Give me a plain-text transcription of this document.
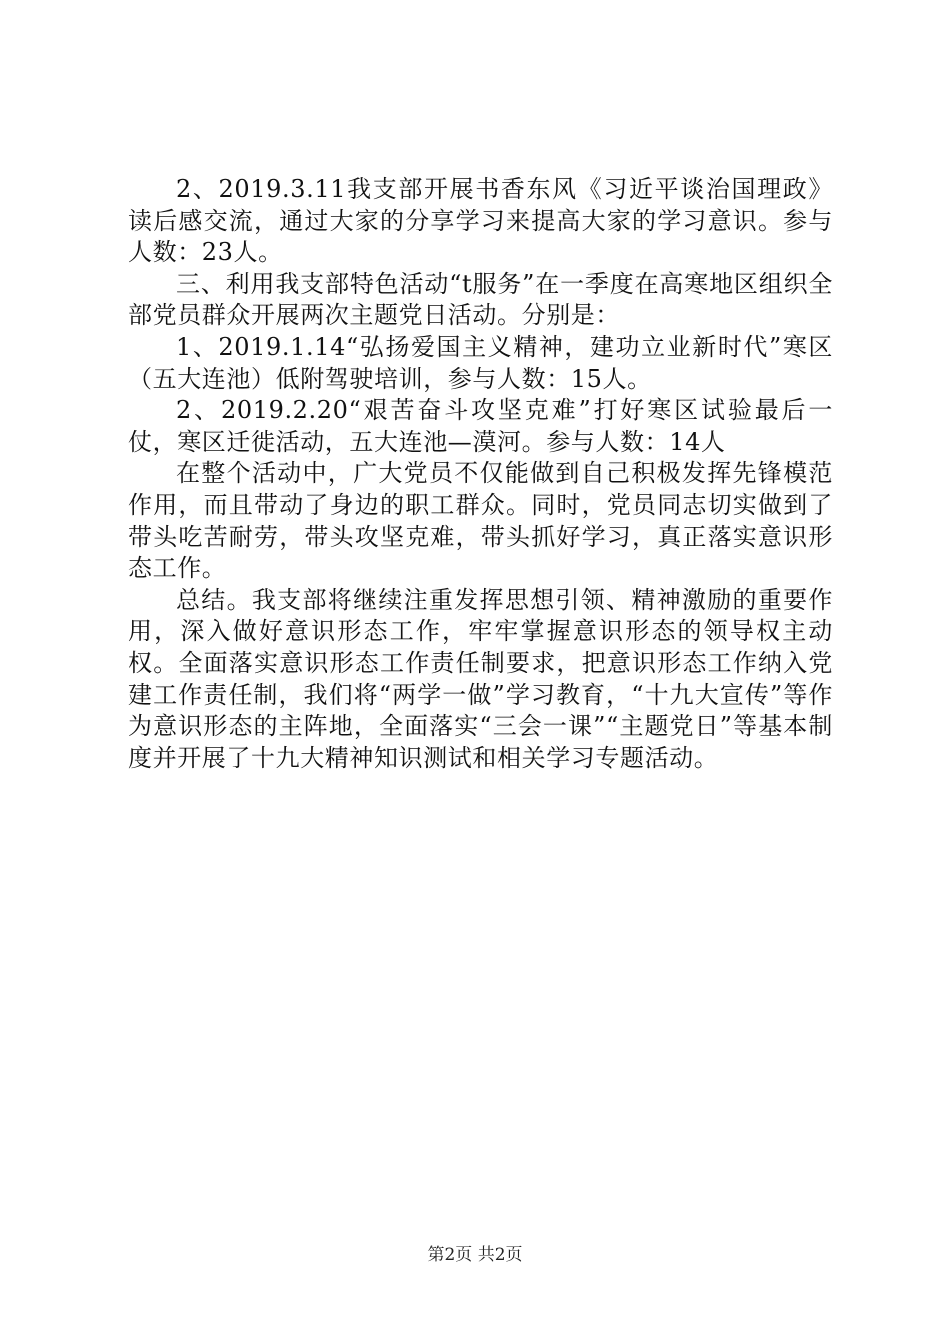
2、2019.3.11我支部开展书香东风《习近平谈治国理政》读后感交流，通过大家的分享学习来提高大家的学习意识。参与人数：23人。

三、利用我支部特色活动“t服务”在一季度在高寒地区组织全部党员群众开展两次主题党日活动。分别是：

1、2019.1.14“弘扬爱国主义精神，建功立业新时代”寒区（五大连池）低附驾驶培训，参与人数：15人。

2、2019.2.20“艰苦奋斗攻坚克难”打好寒区试验最后一仗，寒区迁徙活动，五大连池—漠河。参与人数：14人

在整个活动中，广大党员不仅能做到自己积极发挥先锋模范作用，而且带动了身边的职工群众。同时，党员同志切实做到了带头吃苦耐劳，带头攻坚克难，带头抓好学习，真正落实意识形态工作。

总结。我支部将继续注重发挥思想引领、精神激励的重要作用，深入做好意识形态工作，牢牢掌握意识形态的领导权主动权。全面落实意识形态工作责任制要求，把意识形态工作纳入党建工作责任制，我们将“两学一做”学习教育，“十九大宣传”等作为意识形态的主阵地，全面落实“三会一课”“主题党日”等基本制度并开展了十九大精神知识测试和相关学习专题活动。

第2页 共2页
